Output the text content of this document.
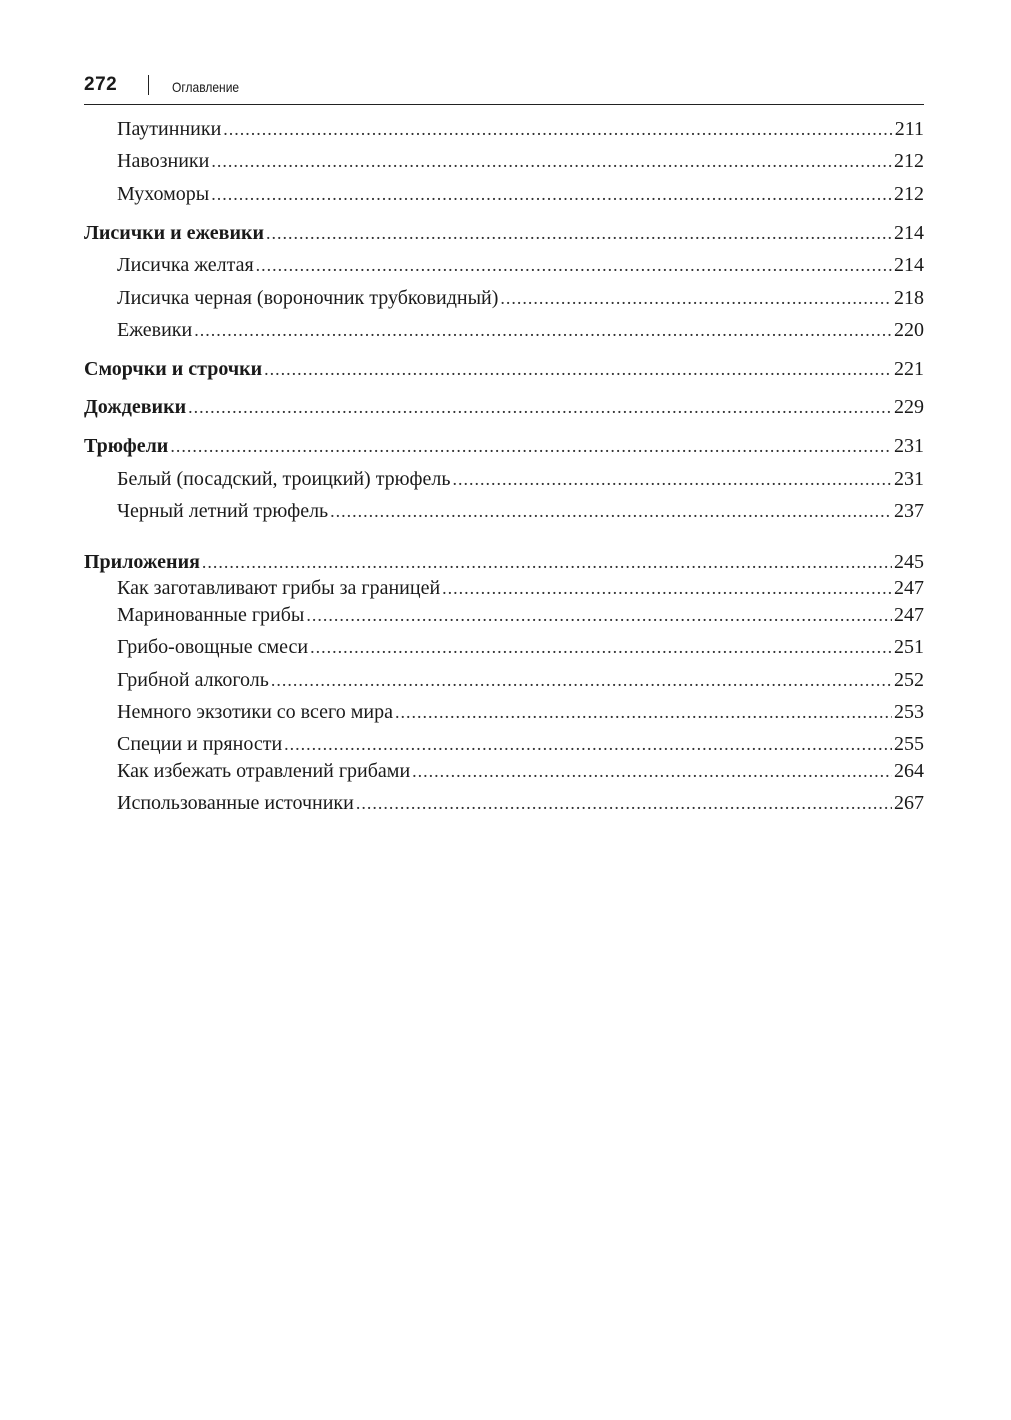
272	Оглавление
Паутинники .....	211
Навозники .....	212
Мухоморы .....	212
Лисички и ежевики .....	214
Лисичка желтая .....	214
Лисичка черная (вороночник трубковидный) .....	218
Ежевики .....	220
Сморчки и строчки .....	221
Дождевики .....	229
Трюфели .....	231
Белый (посадский, троицкий) трюфель .....	231
Черный летний трюфель .....	237
Приложения .....	245
Как заготавливают грибы за границей .....	247
Маринованные грибы .....	247
Грибо-овощные смеси .....	251
Грибной алкоголь .....	252
Немного экзотики со всего мира .....	253
Специи и пряности .....	255
Как избежать отравлений грибами .....	264
Использованные источники .....	267
